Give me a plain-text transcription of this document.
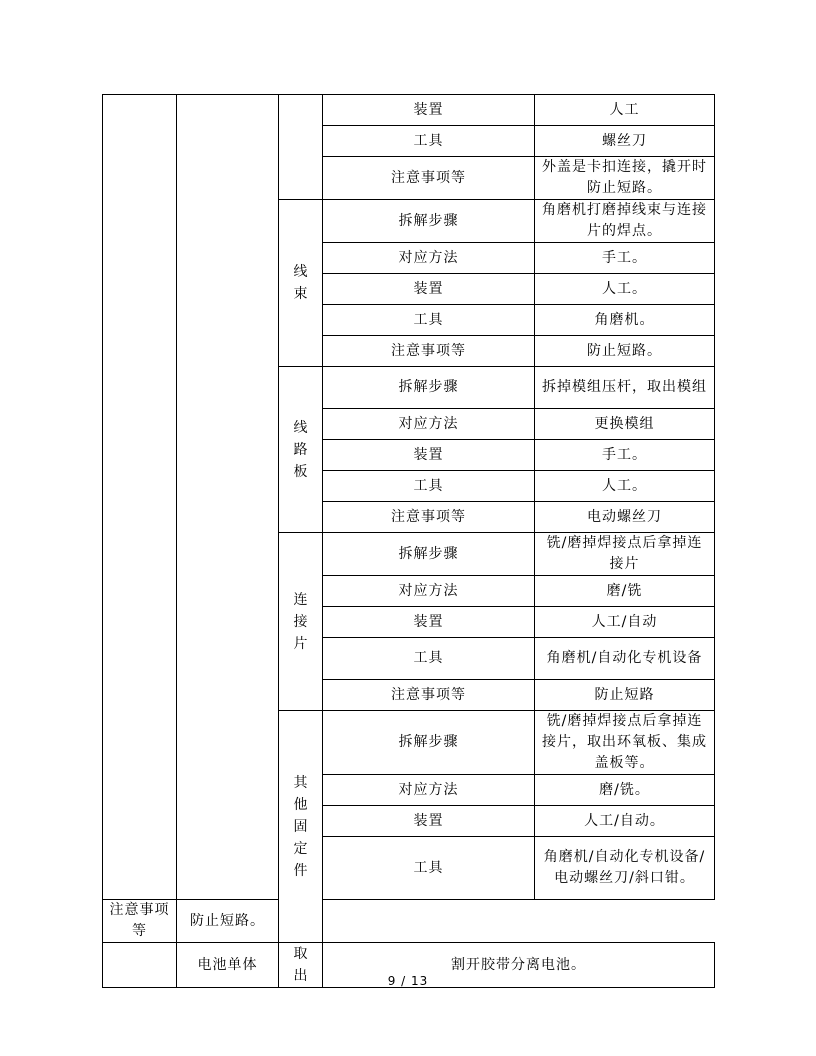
			装置	人工
			工具	螺丝刀
			注意事项等	外盖是卡扣连接，撬开时防止短路。
		线束	拆解步骤	角磨机打磨掉线束与连接片的焊点。
			对应方法	手工。
			装置	人工。
			工具	角磨机。
			注意事项等	防止短路。
		线路板	拆解步骤	拆掉模组压杆，取出模组
			对应方法	更换模组
			装置	手工。
			工具	人工。
			注意事项等	电动螺丝刀
		连接片	拆解步骤	铣/磨掉焊接点后拿掉连接片
			对应方法	磨/铣
			装置	人工/自动
			工具	角磨机/自动化专机设备
			注意事项等	防止短路
		其他固定件	拆解步骤	铣/磨掉焊接点后拿掉连接片，取出环氧板、集成盖板等。
			对应方法	磨/铣。
			装置	人工/自动。
			工具	角磨机/自动化专机设备/电动螺丝刀/斜口钳。
注意事项等	防止短路。			
	电池单体	取出	割开胶带分离电池。	
9 / 13
